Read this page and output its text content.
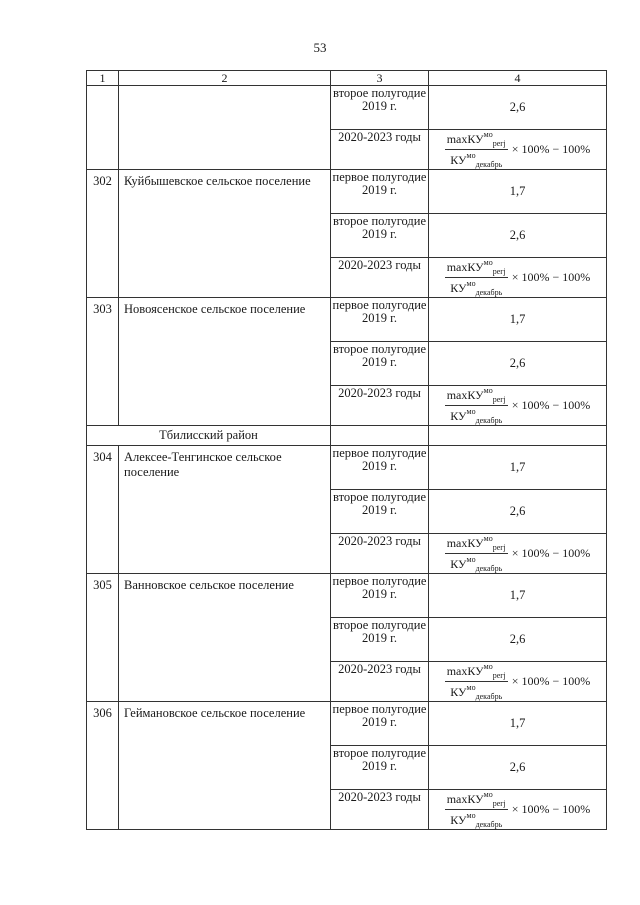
53
1	2	3	4
		второе полугодие 2019 г.	2,6
		2020-2023 годы	$\frac{\max КУ^{мо}_{регj}}{КУ^{мо}_{декабрь}} \times 100\% - 100\%$

302	Куйбышевское сельское поселение	первое полугодие 2019 г.	1,7
		второе полугодие 2019 г.	2,6
		2020-2023 годы	$\frac{\max КУ^{мо}_{регj}}{КУ^{мо}_{декабрь}} \times 100\% - 100\%$

303	Новоясенское сельское поселение	первое полугодие 2019 г.	1,7
		второе полугодие 2019 г.	2,6
		2020-2023 годы	$\frac{\max КУ^{мо}_{регj}}{КУ^{мо}_{декабрь}} \times 100\% - 100\%$

Тбилисский район			
304	Алексее-Тенгинское сельское поселение	первое полугодие 2019 г.	1,7
		второе полугодие 2019 г.	2,6
		2020-2023 годы	$\frac{\max КУ^{мо}_{регj}}{КУ^{мо}_{декабрь}} \times 100\% - 100\%$

305	Ванновское сельское поселение	первое полугодие 2019 г.	1,7
		второе полугодие 2019 г.	2,6
		2020-2023 годы	$\frac{\max КУ^{мо}_{регj}}{КУ^{мо}_{декабрь}} \times 100\% - 100\%$

306	Геймановское сельское поселение	первое полугодие 2019 г.	1,7
		второе полугодие 2019 г.	2,6
		2020-2023 годы	$\frac{\max КУ^{мо}_{регj}}{КУ^{мо}_{декабрь}} \times 100\% - 100\%$
